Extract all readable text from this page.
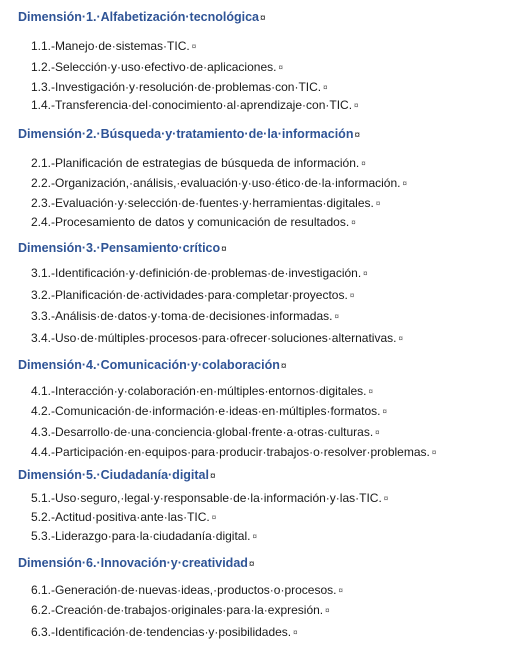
Dimensión·1.·Alfabetización·tecnológica¤
1.1.-Manejo·de·sistemas·TIC. ¤
1.2.-Selección·y·uso·efectivo·de·aplicaciones. ¤
1.3.-Investigación·y·resolución·de·problemas·con·TIC. ¤
1.4.-Transferencia·del·conocimiento·al·aprendizaje·con·TIC. ¤
Dimensión·2.·Búsqueda·y·tratamiento·de·la·información¤
2.1.-Planificación de estrategias de búsqueda de información. ¤
2.2.-Organización,·análisis,·evaluación·y·uso·ético·de·la·información. ¤
2.3.-Evaluación·y·selección·de·fuentes·y·herramientas·digitales. ¤
2.4.-Procesamiento de datos y comunicación de resultados. ¤
Dimensión·3.·Pensamiento·crítico¤
3.1.-Identificación·y·definición·de·problemas·de·investigación. ¤
3.2.-Planificación·de·actividades·para·completar·proyectos. ¤
3.3.-Análisis·de·datos·y·toma·de·decisiones·informadas. ¤
3.4.-Uso·de·múltiples·procesos·para·ofrecer·soluciones·alternativas. ¤
Dimensión·4.·Comunicación·y·colaboración¤
4.1.-Interacción·y·colaboración·en·múltiples·entornos·digitales. ¤
4.2.-Comunicación·de·información·e·ideas·en·múltiples·formatos. ¤
4.3.-Desarrollo·de·una·conciencia·global·frente·a·otras·culturas. ¤
4.4.-Participación·en·equipos·para·producir·trabajos·o·resolver·problemas. ¤
Dimensión·5.·Ciudadanía·digital¤
5.1.-Uso·seguro,·legal·y·responsable·de·la·información·y·las·TIC. ¤
5.2.-Actitud·positiva·ante·las·TIC. ¤
5.3.-Liderazgo·para·la·ciudadanía·digital. ¤
Dimensión·6.·Innovación·y·creatividad¤
6.1.-Generación·de·nuevas·ideas,·productos·o·procesos. ¤
6.2.-Creación·de·trabajos·originales·para·la·expresión. ¤
6.3.-Identificación·de·tendencias·y·posibilidades. ¤
